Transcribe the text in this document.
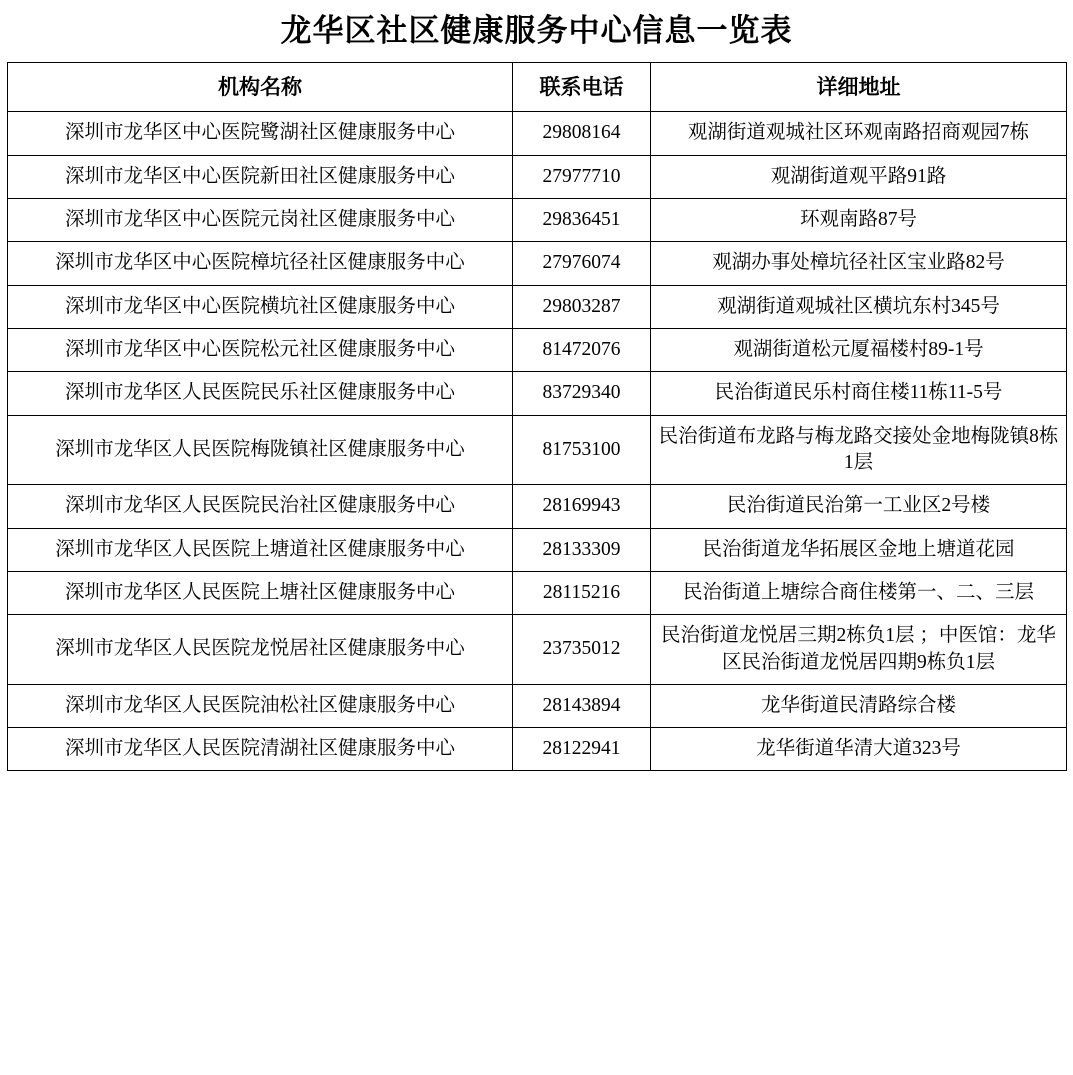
龙华区社区健康服务中心信息一览表
机构名称	联系电话	详细地址
深圳市龙华区中心医院鹭湖社区健康服务中心	29808164	观湖街道观城社区环观南路招商观园7栋
深圳市龙华区中心医院新田社区健康服务中心	27977710	观湖街道观平路91路
深圳市龙华区中心医院元岗社区健康服务中心	29836451	环观南路87号
深圳市龙华区中心医院樟坑径社区健康服务中心	27976074	观湖办事处樟坑径社区宝业路82号
深圳市龙华区中心医院横坑社区健康服务中心	29803287	观湖街道观城社区横坑东村345号
深圳市龙华区中心医院松元社区健康服务中心	81472076	观湖街道松元厦福楼村89-1号
深圳市龙华区人民医院民乐社区健康服务中心	83729340	民治街道民乐村商住楼11栋11-5号
深圳市龙华区人民医院梅陇镇社区健康服务中心	81753100	民治街道布龙路与梅龙路交接处金地梅陇镇8栋1层
深圳市龙华区人民医院民治社区健康服务中心	28169943	民治街道民治第一工业区2号楼
深圳市龙华区人民医院上塘道社区健康服务中心	28133309	民治街道龙华拓展区金地上塘道花园
深圳市龙华区人民医院上塘社区健康服务中心	28115216	民治街道上塘综合商住楼第一、二、三层
深圳市龙华区人民医院龙悦居社区健康服务中心	23735012	民治街道龙悦居三期2栋负1层 ；中医馆：龙华区民治街道龙悦居四期9栋负1层
深圳市龙华区人民医院油松社区健康服务中心	28143894	龙华街道民清路综合楼
深圳市龙华区人民医院清湖社区健康服务中心	28122941	龙华街道华清大道323号
